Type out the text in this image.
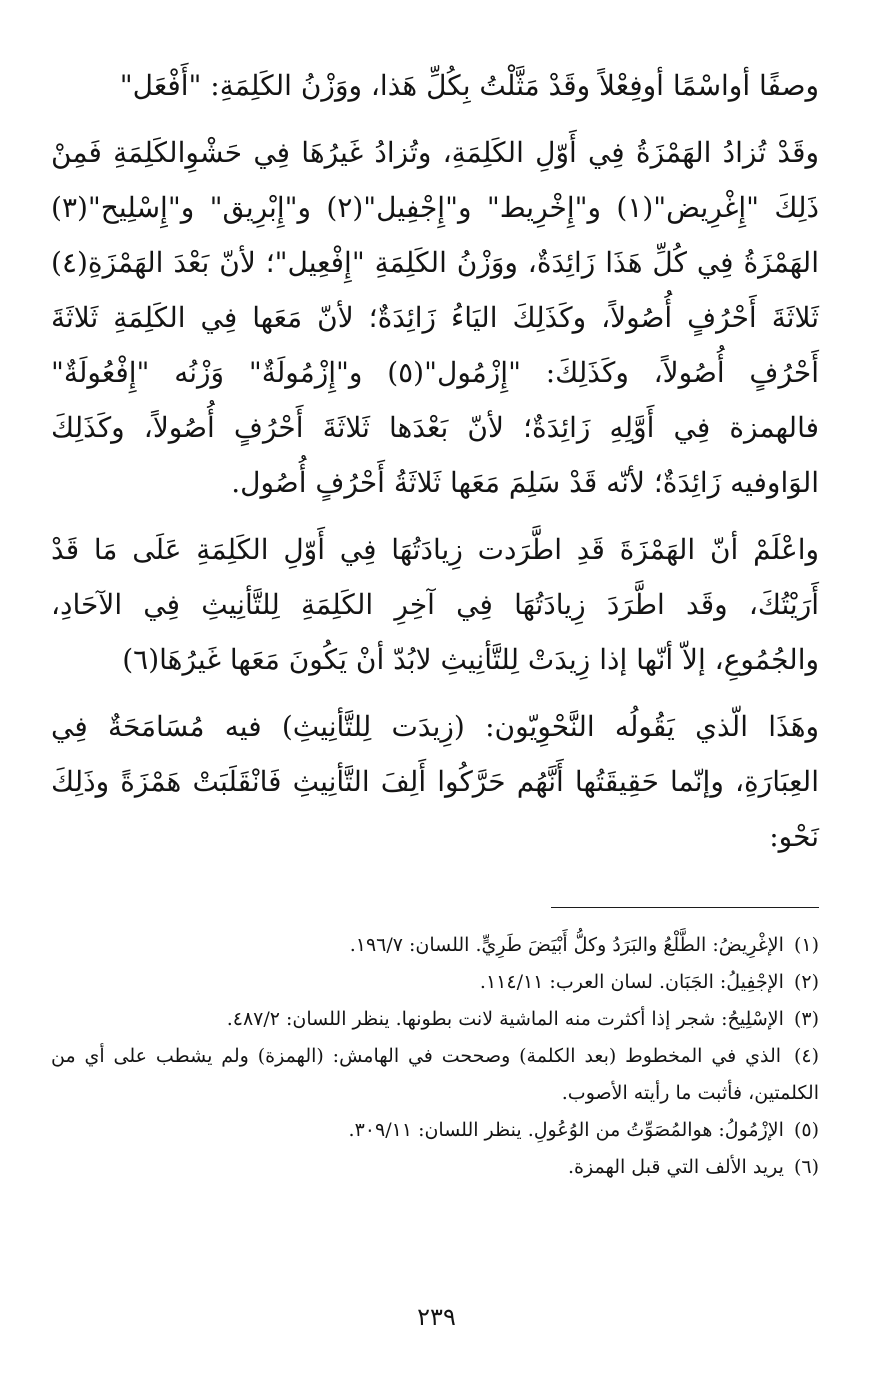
وصفًا أواسْمًا أوفِعْلاً وقَدْ مَثَّلْتُ بِكُلِّ هَذا، ووَزْنُ الكَلِمَةِ: "أَفْعَل"

وقَدْ تُزادُ الهَمْزَةُ فِي أَوّلِ الكَلِمَةِ، وتُزادُ غَيرُهَا فِي حَشْوِالكَلِمَةِ فَمِنْ ذَلِكَ "إِغْرِيض"(١) و"إِخْرِيط" و"إِجْفِيل"(٢) و"إِبْرِيق" و"إِسْلِيح"(٣) الهَمْزَةُ فِي كُلِّ هَذَا زَائِدَةٌ، ووَزْنُ الكَلِمَةِ "إِفْعِيل"؛ لأنّ بَعْدَ الهَمْزَةِ(٤) ثَلاثَةَ أَحْرُفٍ أُصُولاً، وكَذَلِكَ اليَاءُ زَائِدَةٌ؛ لأنّ مَعَها فِي الكَلِمَةِ ثَلاثَةَ أَحْرُفٍ أُصُولاً، وكَذَلِكَ: "إِزْمُول"(٥) و"إِزْمُولَةٌ" وَزْنُه "إِفْعُولَةٌ" فالهمزة فِي أَوَّلِهِ زَائِدَةٌ؛ لأنّ بَعْدَها ثَلاثَةَ أَحْرُفٍ أُصُولاً، وكَذَلِكَ الوَاوفيه زَائِدَةٌ؛ لأنّه قَدْ سَلِمَ مَعَها ثَلاثَةُ أَحْرُفٍ أُصُول.

واعْلَمْ أنّ الهَمْزَةَ قَدِ اطَّرَدت زِيادَتُهَا فِي أَوّلِ الكَلِمَةِ عَلَى مَا قَدْ أَرَيْتُكَ، وقَد اطَّرَدَ زِيادَتُهَا فِي آخِرِ الكَلِمَةِ لِلتَّأنِيثِ فِي الآحَادِ، والجُمُوعِ، إلاّ أنّها إذا زِيدَتْ لِلتَّأنِيثِ لابُدّ أنْ يَكُونَ مَعَها غَيرُهَا(٦)

وهَذَا الّذي يَقُولُه النَّحْوِيّون: (زِيدَت لِلتَّأنِيثِ) فيه مُسَامَحَةٌ فِي العِبَارَةِ، وإنّما حَقِيقَتُها أَنَّهُم حَرَّكُوا أَلِفَ التَّأنِيثِ فَانْقَلَبَتْ هَمْزَةً وذَلِكَ نَحْو:

(١) الإغْرِيضُ: الطَّلْعُ والبَرَدُ وكلُّ أَبْيَضَ طَرِيٍّ. اللسان: ١٩٦/٧.

(٢) الإجْفِيلُ: الجَبَان. لسان العرب: ١١٤/١١.

(٣) الإسْلِيحُ: شجر إذا أكثرت منه الماشية لانت بطونها. ينظر اللسان: ٤٨٧/٢.

(٤) الذي في المخطوط (بعد الكلمة) وصححت في الهامش: (الهمزة) ولم يشطب على أي من الكلمتين، فأثبت ما رأيته الأصوب.

(٥) الإزْمُولُ: هوالمُصَوِّتُ من الوُعُولِ. ينظر اللسان: ٣٠٩/١١.

(٦) يريد الألف التي قبل الهمزة.

٢٣٩
